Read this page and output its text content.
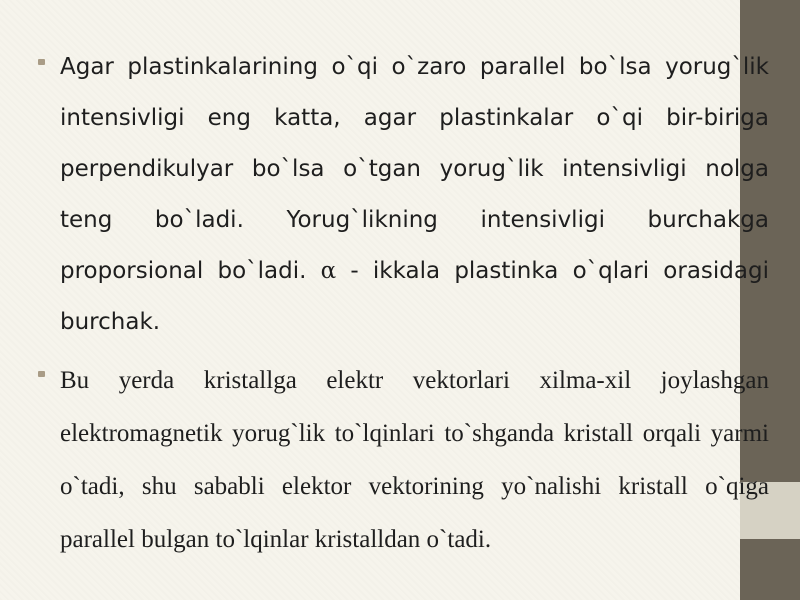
Agar plastinkalarining o`qi o`zaro parallel bo`lsa yorug`lik intensivligi eng katta, agar plastinkalar o`qi bir-biriga perpendikulyar bo`lsa o`tgan yorug`lik intensivligi nolga teng bo`ladi. Yorug`likning intensivligi burchakga proporsional bo`ladi. α - ikkala plastinka o`qlari orasidagi burchak.

Bu yerda kristallga elektr vektorlari xilma-xil joylashgan elektromagnetik yorug`lik to`lqinlari to`shganda kristall orqali yarmi o`tadi, shu sababli elektor vektorining yo`nalishi kristall o`qiga parallel bulgan to`lqinlar kristalldan o`tadi.
